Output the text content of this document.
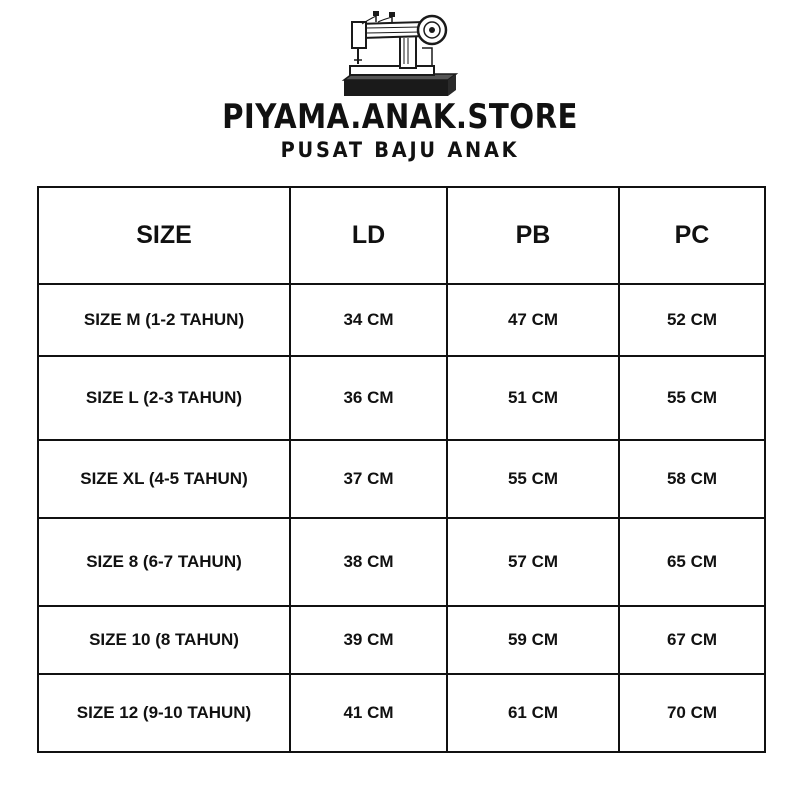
PIYAMA.ANAK.STORE
PUSAT BAJU ANAK
SIZE	LD	PB	PC
SIZE M (1-2 TAHUN)	34 CM	47 CM	52 CM
SIZE L (2-3 TAHUN)	36 CM	51 CM	55 CM
SIZE XL (4-5 TAHUN)	37 CM	55 CM	58 CM
SIZE 8 (6-7 TAHUN)	38 CM	57 CM	65 CM
SIZE 10 (8 TAHUN)	39 CM	59 CM	67 CM
SIZE 12 (9-10 TAHUN)	41 CM	61 CM	70 CM
